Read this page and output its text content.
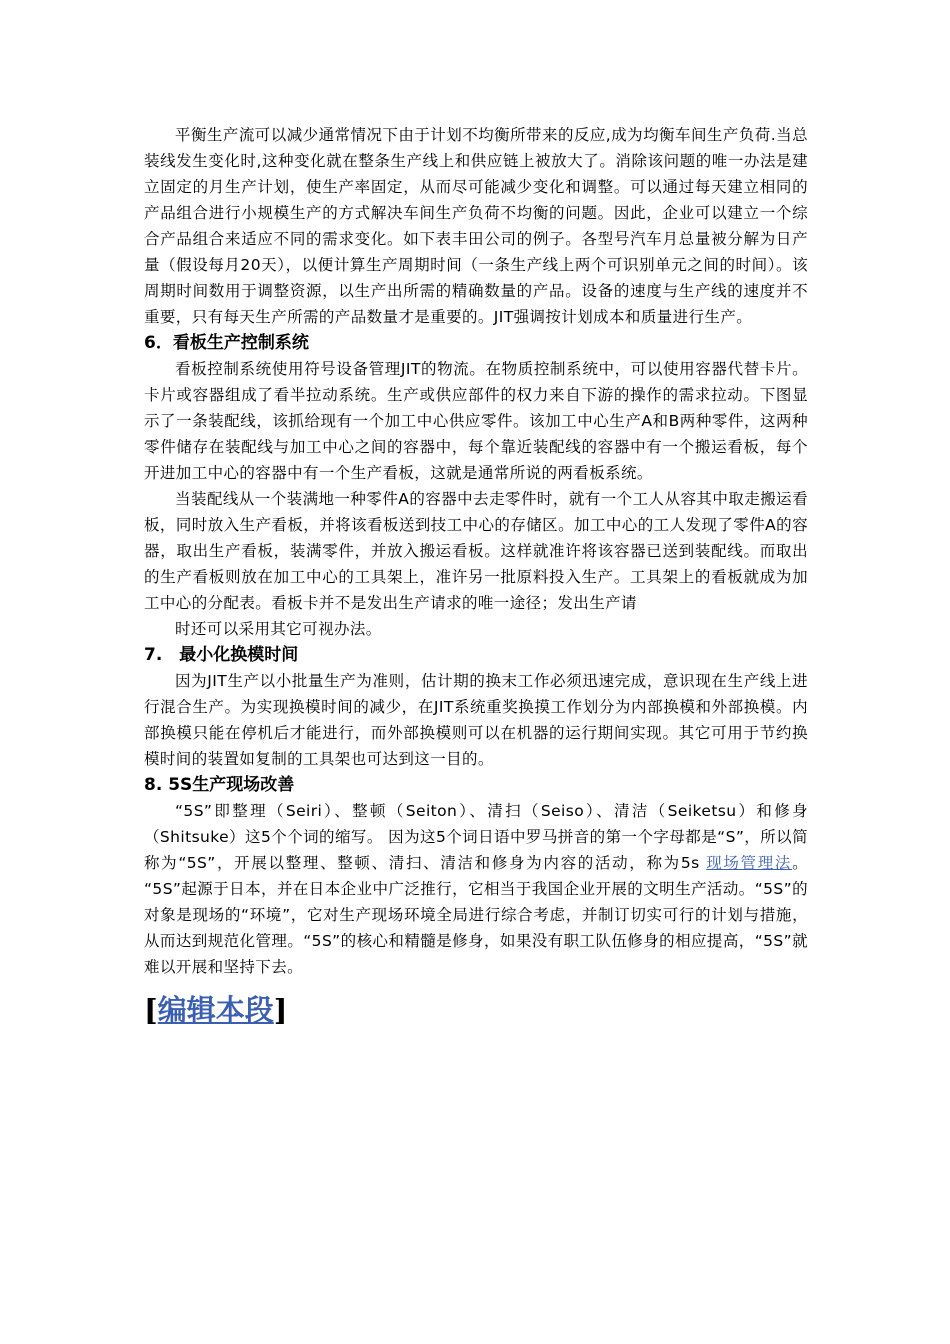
平衡生产流可以减少通常情况下由于计划不均衡所带来的反应,成为均衡车间生产负荷.当总装线发生变化时,这种变化就在整条生产线上和供应链上被放大了。消除该问题的唯一办法是建立固定的月生产计划，使生产率固定，从而尽可能减少变化和调整。可以通过每天建立相同的产品组合进行小规模生产的方式解决车间生产负荷不均衡的问题。因此，企业可以建立一个综合产品组合来适应不同的需求变化。如下表丰田公司的例子。各型号汽车月总量被分解为日产量（假设每月20天），以便计算生产周期时间（一条生产线上两个可识别单元之间的时间）。该周期时间数用于调整资源，以生产出所需的精确数量的产品。设备的速度与生产线的速度并不重要，只有每天生产所需的产品数量才是重要的。JIT强调按计划成本和质量进行生产。

6．看板生产控制系统

看板控制系统使用符号设备管理JIT的物流。在物质控制系统中，可以使用容器代替卡片。卡片或容器组成了看半拉动系统。生产或供应部件的权力来自下游的操作的需求拉动。下图显示了一条装配线，该抓给现有一个加工中心供应零件。该加工中心生产A和B两种零件，这两种零件储存在装配线与加工中心之间的容器中，每个靠近装配线的容器中有一个搬运看板，每个开进加工中心的容器中有一个生产看板，这就是通常所说的两看板系统。

当装配线从一个装满地一种零件A的容器中去走零件时，就有一个工人从容其中取走搬运看板，同时放入生产看板，并将该看板送到技工中心的存储区。加工中心的工人发现了零件A的容器，取出生产看板，装满零件，并放入搬运看板。这样就准许将该容器已送到装配线。而取出的生产看板则放在加工中心的工具架上，准许另一批原料投入生产。工具架上的看板就成为加工中心的分配表。看板卡并不是发出生产请求的唯一途径；发出生产请

时还可以采用其它可视办法。

7.　最小化换模时间

因为JIT生产以小批量生产为准则，估计期的换末工作必须迅速完成，意识现在生产线上进行混合生产。为实现换模时间的减少，在JIT系统重奖换摸工作划分为内部换模和外部换模。内部换模只能在停机后才能进行，而外部换模则可以在机器的运行期间实现。其它可用于节约换模时间的装置如复制的工具架也可达到这一目的。

8. 5S生产现场改善

“5S”即整理（Seiri）、整顿（Seiton）、清扫（Seiso）、清洁（Seiketsu）和修身（Shitsuke）这5个个词的缩写。 因为这5个词日语中罗马拼音的第一个字母都是“S”，所以简称为“5S”，开展以整理、整顿、清扫、清洁和修身为内容的活动，称为5s 现场管理法。 “5S”起源于日本，并在日本企业中广泛推行，它相当于我国企业开展的文明生产活动。“5S”的对象是现场的“环境”，它对生产现场环境全局进行综合考虑，并制订切实可行的计划与措施，从而达到规范化管理。“5S”的核心和精髓是修身，如果没有职工队伍修身的相应提高，“5S”就难以开展和坚持下去。

[编辑本段]
